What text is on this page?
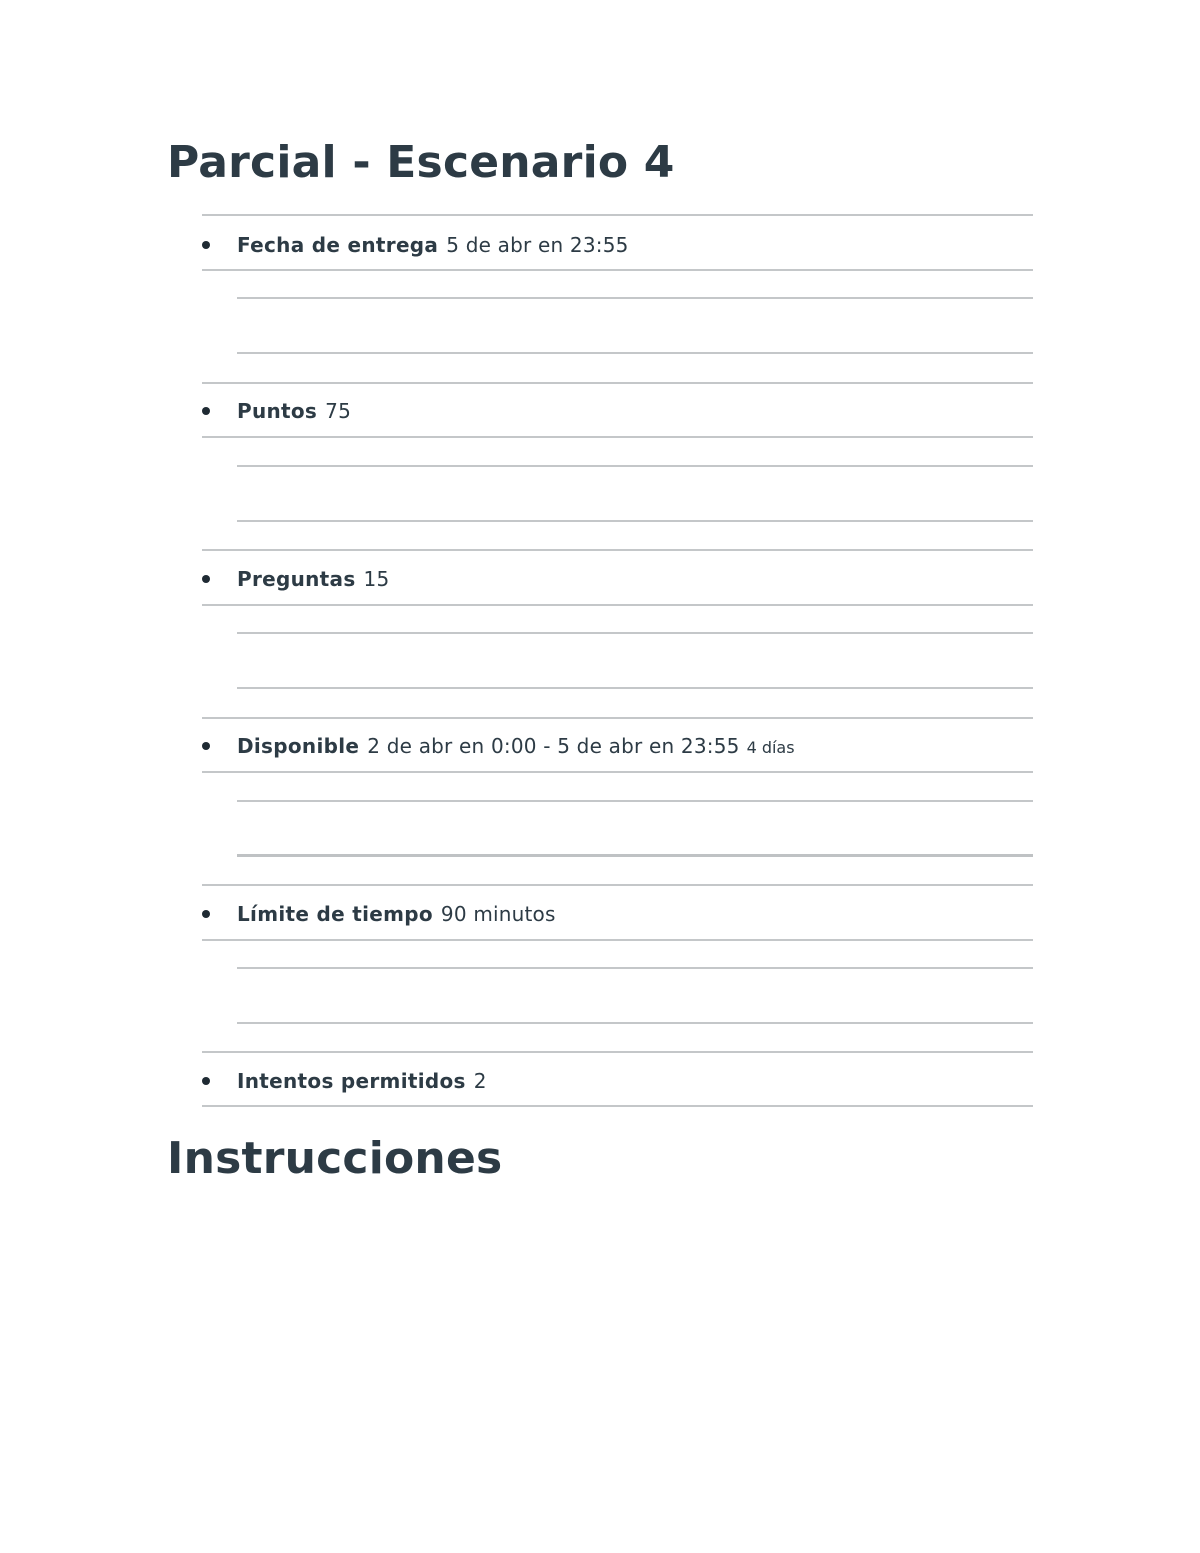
Parcial - Escenario 4
Fecha de entrega 5 de abr en 23:55
Puntos 75
Preguntas 15
Disponible 2 de abr en 0:00 - 5 de abr en 23:55 4 días
Límite de tiempo 90 minutos
Intentos permitidos 2
Instrucciones
